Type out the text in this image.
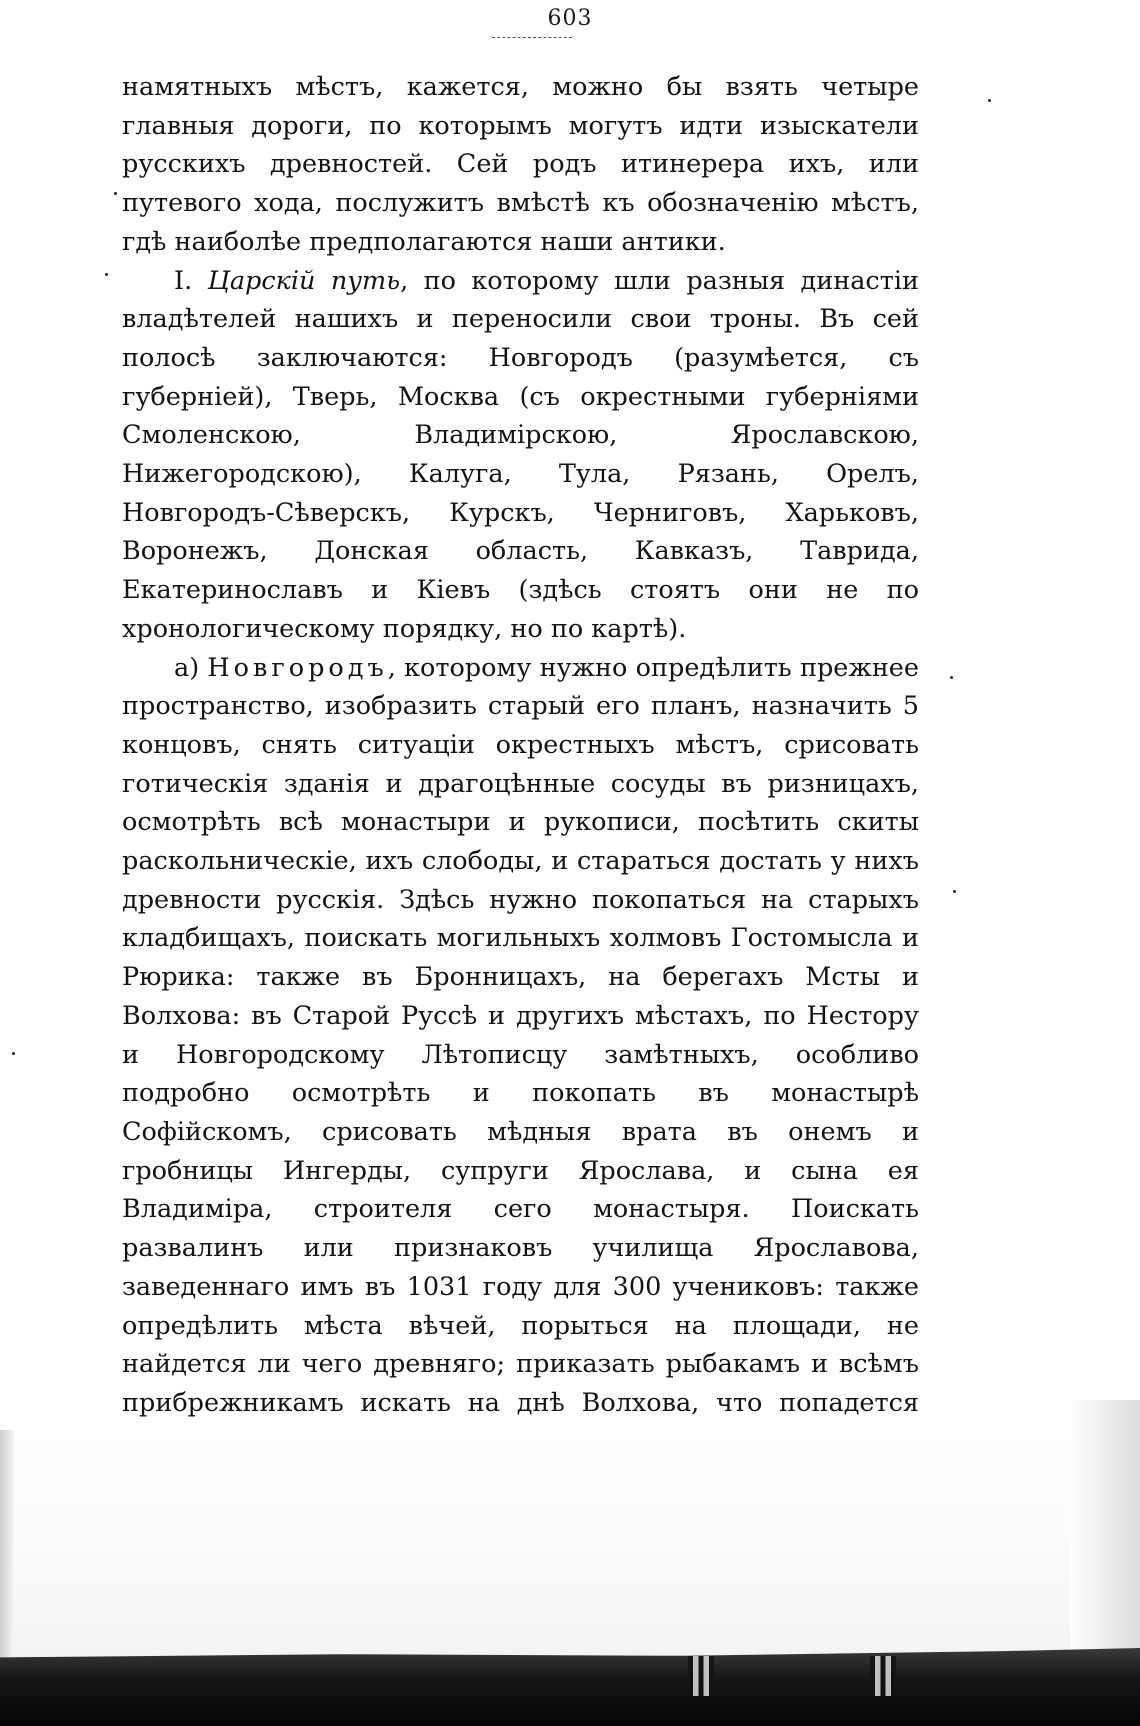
603

намятныхъ мѣстъ, кажется, можно бы взять четыре главныя дороги, по которымъ могутъ идти изыскатели русскихъ древностей. Сей родъ итинерера ихъ, или путевого хода, послужитъ вмѣстѣ къ обозначенію мѣстъ, гдѣ наиболѣе предполагаются наши антики.

I. Царскій путь, по которому шли разныя династіи владѣтелей нашихъ и переносили свои троны. Въ сей полосѣ заключаются: Новгородъ (разумѣется, съ губерніей), Тверь, Москва (съ окрестными губерніями Смоленскою, Владимірскою, Ярославскою, Нижегородскою), Калуга, Тула, Рязань, Орелъ, Новгородъ-Сѣверскъ, Курскъ, Черниговъ, Харьковъ, Воронежъ, Донская область, Кавказъ, Таврида, Екатеринославъ и Кіевъ (здѣсь стоятъ они не по хронологическому порядку, но по картѣ).

а) Новгородъ, которому нужно опредѣлить прежнее пространство, изобразить старый его планъ, назначить 5 концовъ, снять ситуаціи окрестныхъ мѣстъ, срисовать готическія зданія и драгоцѣнные сосуды въ ризницахъ, осмотрѣть всѣ монастыри и рукописи, посѣтить скиты раскольническіе, ихъ слободы, и стараться достать у нихъ древности русскія. Здѣсь нужно покопаться на старыхъ кладбищахъ, поискать могильныхъ холмовъ Гостомысла и Рюрика: также въ Бронницахъ, на берегахъ Мсты и Волхова: въ Старой Руссѣ и другихъ мѣстахъ, по Нестору и Новгородскому Лѣтописцу замѣтныхъ, особливо подробно осмотрѣть и покопать въ монастырѣ Софійскомъ, срисовать мѣдныя врата въ онемъ и гробницы Ингерды, супруги Ярослава, и сына ея Владиміра, строителя сего монастыря. Поискать развалинъ или признаковъ училища Ярославова, заведеннаго имъ въ 1031 году для 300 учениковъ: также опредѣлить мѣста вѣчей, порыться на площади, не найдется ли чего древняго; приказать рыбакамъ и всѣмъ прибрежникамъ искать на днѣ Волхова, что попадется
